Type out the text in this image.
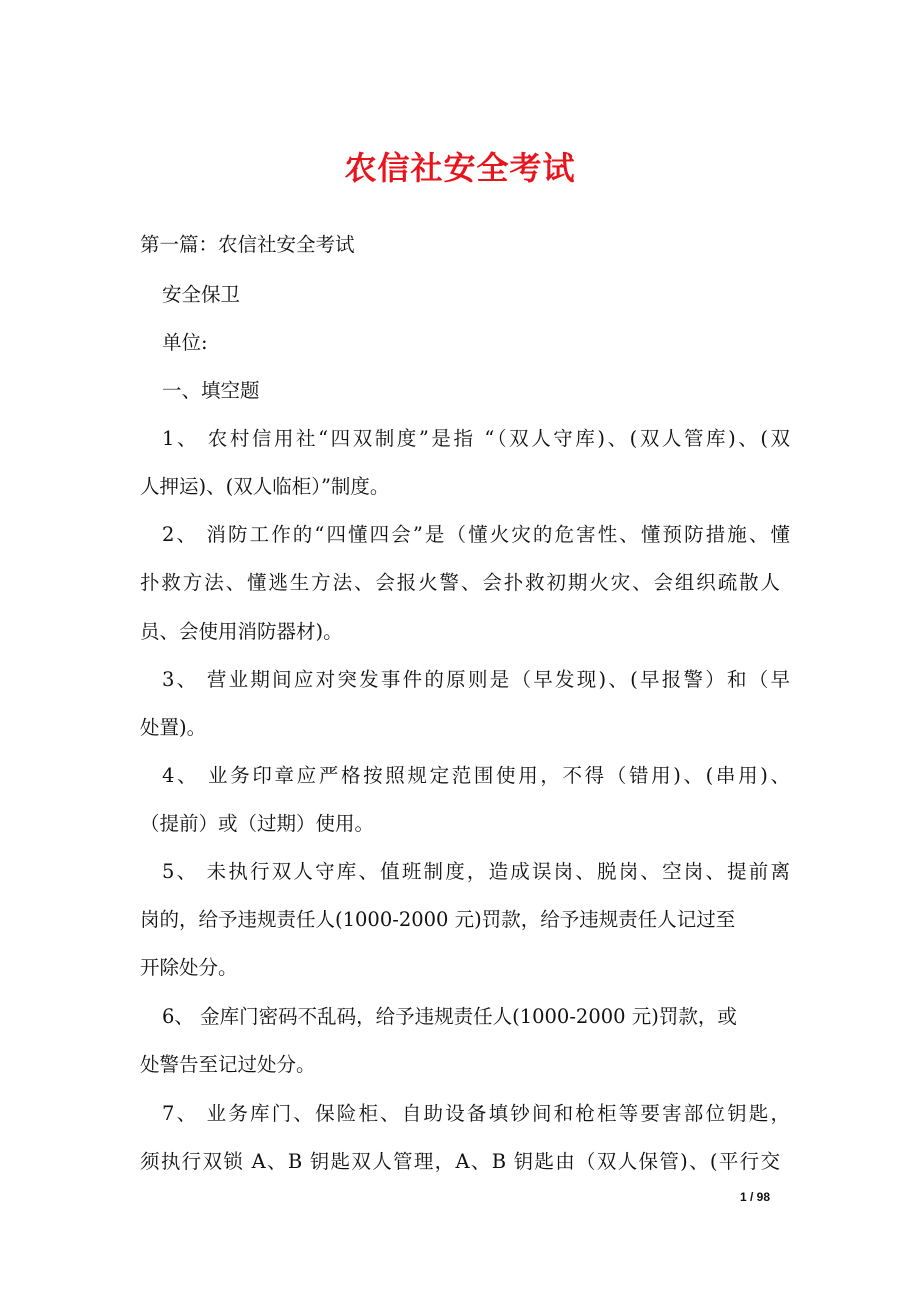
农信社安全考试
第一篇：农信社安全考试
安全保卫
单位:
一、填空题
1、 农村信用社“四双制度”是指 “（双人守库)、(双人管库)、(双
人押运)、(双人临柜）”制度。
2、 消防工作的“四懂四会”是（懂火灾的危害性、懂预防措施、懂
扑救方法、懂逃生方法、会报火警、会扑救初期火灾、会组织疏散人
员、会使用消防器材)。
3、 营业期间应对突发事件的原则是（早发现)、(早报警）和（早
处置)。
4、 业务印章应严格按照规定范围使用，不得（错用)、(串用)、
（提前）或（过期）使用。
5、 未执行双人守库、值班制度，造成误岗、脱岗、空岗、提前离
岗的，给予违规责任人(1000-2000 元)罚款，给予违规责任人记过至
开除处分。
6、 金库门密码不乱码，给予违规责任人(1000-2000 元)罚款，或
处警告至记过处分。
7、 业务库门、保险柜、自助设备填钞间和枪柜等要害部位钥匙，
须执行双锁 A、B 钥匙双人管理，A、B 钥匙由（双人保管)、(平行交
1 / 98
